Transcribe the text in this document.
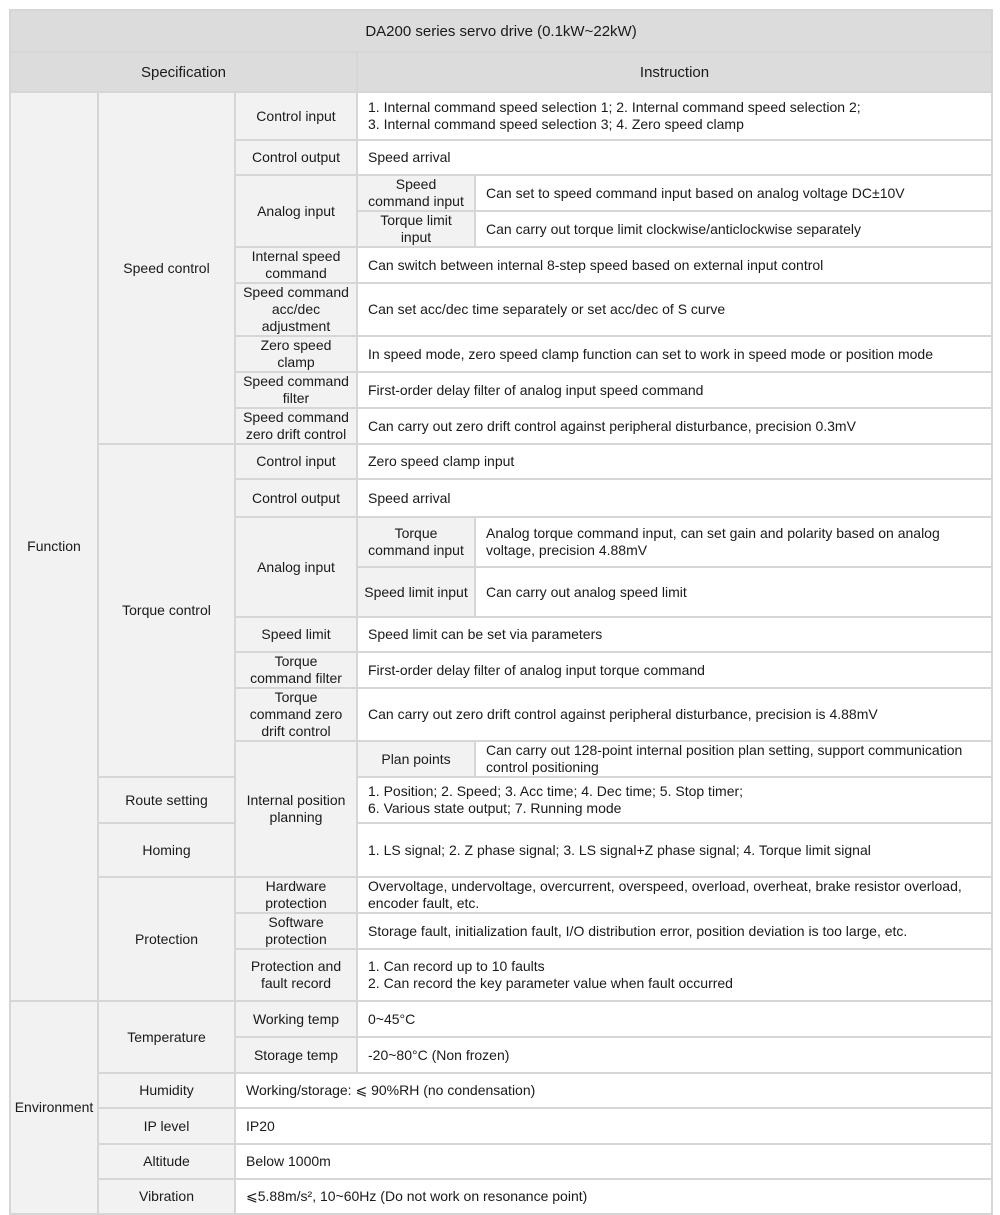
DA200 series servo drive (0.1kW~22kW)				
Specification			Instruction	
Function	Speed control	Control input	1. Internal command speed selection 1; 2. Internal command speed selection 2;
3. Internal command speed selection 3; 4. Zero speed clamp	

		Control output	Speed arrival	
		Analog input	Speed command input	Can set to speed command input based on analog voltage DC±10V
			Torque limit input	Can carry out torque limit clockwise/anticlockwise separately
		Internal speed command	Can switch between internal 8-step speed based on external input control	
		Speed command acc/dec adjustment	Can set acc/dec time separately or set acc/dec of S curve	
		Zero speed clamp	In speed mode, zero speed clamp function can set to work in speed mode or position mode	
		Speed command filter	First-order delay filter of analog input speed command	
		Speed command zero drift control	Can carry out zero drift control against peripheral disturbance, precision 0.3mV	
	Torque control	Control input	Zero speed clamp input	
		Control output	Speed arrival	
		Analog input	Torque command input	Analog torque command input, can set gain and polarity based on analog voltage, precision 4.88mV
			Speed limit input	Can carry out analog speed limit
		Speed limit	Speed limit can be set via parameters	
		Torque command filter	First-order delay filter of analog input torque command	
		Torque command zero drift control	Can carry out zero drift control against peripheral disturbance, precision is 4.88mV	
		Internal position planning	Plan points	Can carry out 128-point internal position plan setting, support communication control positioning
	Route setting		1. Position; 2. Speed; 3. Acc time; 4. Dec time; 5. Stop timer;
6. Various state output; 7. Running mode	

	Homing		1. LS signal; 2. Z phase signal; 3. LS signal+Z phase signal; 4. Torque limit signal	
	Protection	Hardware protection	Overvoltage, undervoltage, overcurrent, overspeed, overload, overheat, brake resistor overload, encoder fault, etc.	
		Software protection	Storage fault, initialization fault, I/O distribution error, position deviation is too large, etc.	
		Protection and fault record	1. Can record up to 10 faults
2. Can record the key parameter value when fault occurred	

Environment	Temperature	Working temp	0~45°C	
		Storage temp	-20~80°C (Non frozen)	
	Humidity	Working/storage: ⩽ 90%RH (no condensation)		
	IP level	IP20		
	Altitude	Below 1000m		
	Vibration	⩽5.88m/s², 10~60Hz (Do not work on resonance point)		
